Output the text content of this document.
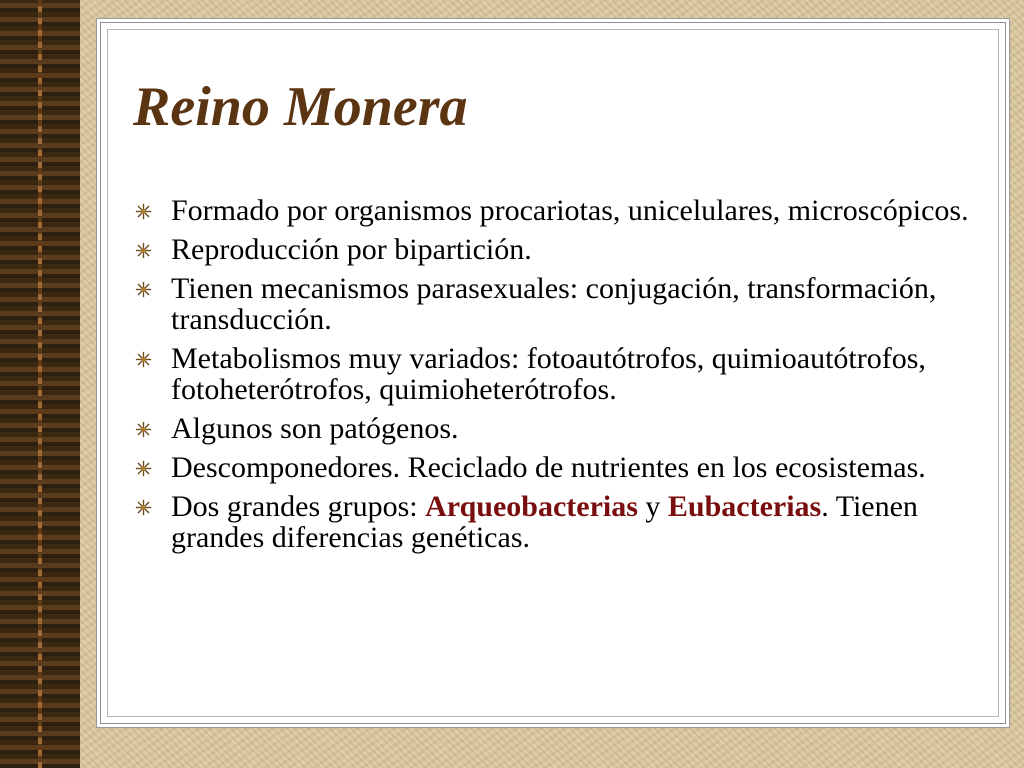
Reino Monera
Formado por organismos procariotas, unicelulares, microscópicos.
Reproducción por bipartición.
Tienen mecanismos parasexuales: conjugación, transformación, transducción.
Metabolismos muy variados: fotoautótrofos, quimioautótrofos, fotoheterótrofos, quimioheterótrofos.
Algunos son patógenos.
Descomponedores. Reciclado de nutrientes en los ecosistemas.
Dos grandes grupos: Arqueobacterias y Eubacterias. Tienen grandes diferencias genéticas.
